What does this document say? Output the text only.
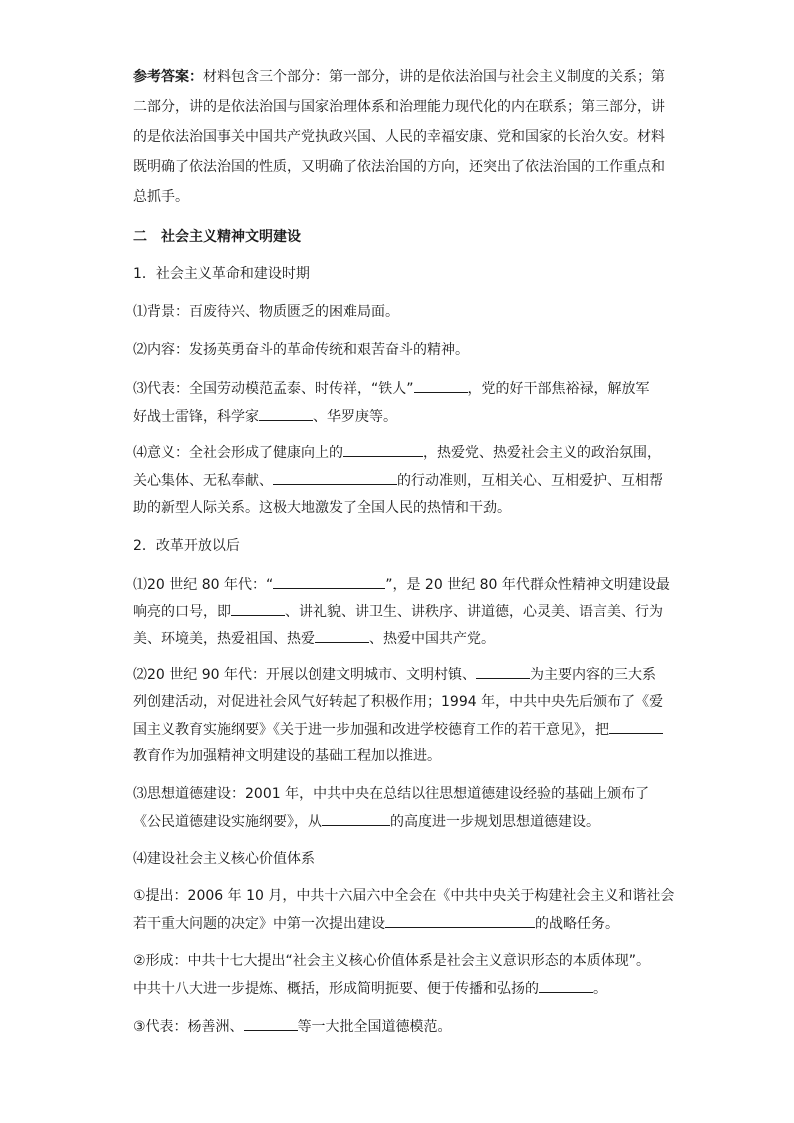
参考答案：材料包含三个部分：第一部分，讲的是依法治国与社会主义制度的关系；第
二部分，讲的是依法治国与国家治理体系和治理能力现代化的内在联系；第三部分，讲
的是依法治国事关中国共产党执政兴国、人民的幸福安康、党和国家的长治久安。材料
既明确了依法治国的性质，又明确了依法治国的方向，还突出了依法治国的工作重点和
总抓手。
二　社会主义精神文明建设
1．社会主义革命和建设时期
⑴背景：百废待兴、物质匮乏的困难局面。
⑵内容：发扬英勇奋斗的革命传统和艰苦奋斗的精神。
⑶代表：全国劳动模范孟泰、时传祥，“铁人”	，党的好干部焦裕禄，解放军
好战士雷锋，科学家	、华罗庚等。
⑷意义：全社会形成了健康向上的	，热爱党、热爱社会主义的政治氛围，
关心集体、无私奉献、	的行动准则，互相关心、互相爱护、互相帮
助的新型人际关系。这极大地激发了全国人民的热情和干劲。
2．改革开放以后
⑴20 世纪 80 年代：“	”，是 20 世纪 80 年代群众性精神文明建设最
响亮的口号，即	、讲礼貌、讲卫生、讲秩序、讲道德，心灵美、语言美、行为
美、环境美，热爱祖国、热爱	、热爱中国共产党。
⑵20 世纪 90 年代：开展以创建文明城市、文明村镇、	为主要内容的三大系
列创建活动，对促进社会风气好转起了积极作用；1994 年，中共中央先后颁布了《爱
国主义教育实施纲要》《关于进一步加强和改进学校德育工作的若干意见》，把
教育作为加强精神文明建设的基础工程加以推进。
⑶思想道德建设：2001 年，中共中央在总结以往思想道德建设经验的基础上颁布了
《公民道德建设实施纲要》，从	的高度进一步规划思想道德建设。
⑷建设社会主义核心价值体系
①提出：2006 年 10 月，中共十六届六中全会在《中共中央关于构建社会主义和谐社会
若干重大问题的决定》中第一次提出建设	的战略任务。
②形成：中共十七大提出“社会主义核心价值体系是社会主义意识形态的本质体现”。
中共十八大进一步提炼、概括，形成简明扼要、便于传播和弘扬的	。
③代表：杨善洲、	等一大批全国道德模范。
